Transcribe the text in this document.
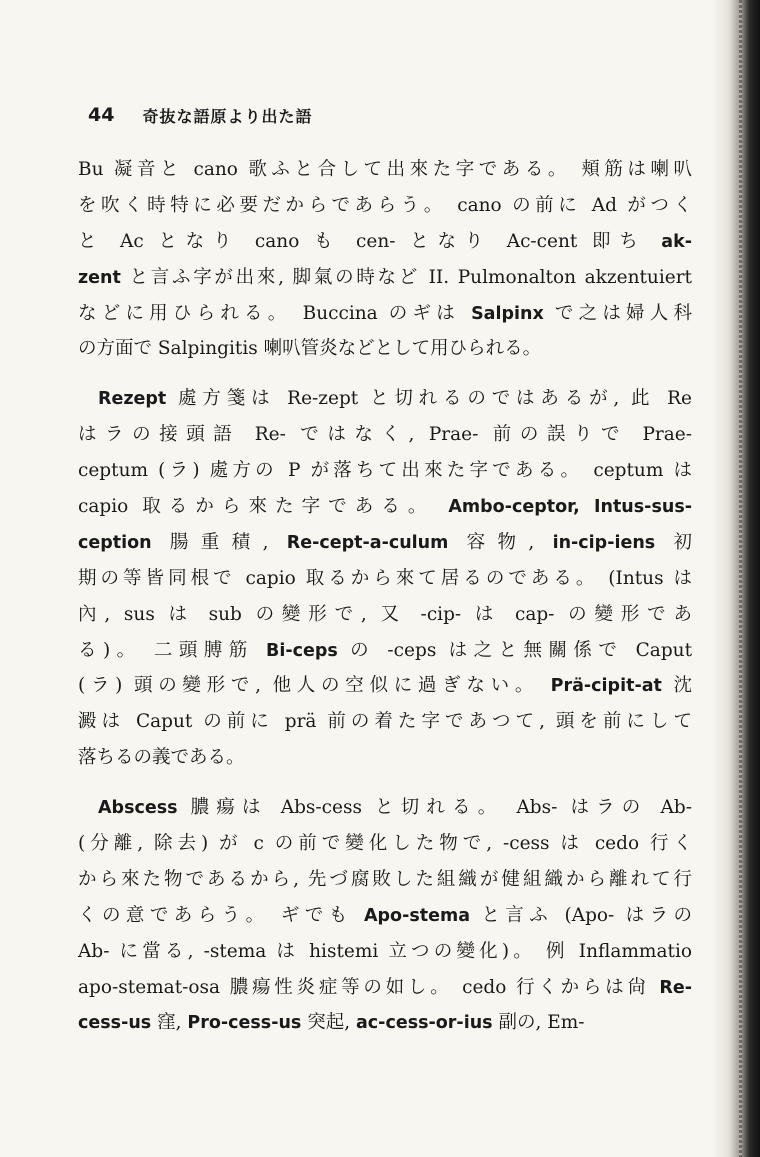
44 奇抜な語原より出た語
Bu 凝音と cano 歌ふと合して出來た字である。 頬筋は喇叭
を吹く時特に必要だからであらう。 cano の前に Ad がつく
と Ac となり cano も cen- となり Ac-cent 即ち ak-
zent と言ふ字が出來, 脚氣の時など II. Pulmonalton akzentuiert
などに用ひられる。 Buccina のギは Salpinx で之は婦人科
の方面で Salpingitis 喇叭管炎などとして用ひられる。
Rezept 處方箋は Re-zept と切れるのではあるが, 此 Re
はラの接頭語 Re- ではなく, Prae- 前の誤りで Prae-
ceptum (ラ) 處方の P が落ちて出來た字である。 ceptum は
capio 取るから來た字である。 Ambo-ceptor, Intus-sus-
ception 腸重積, Re-cept-a-culum 容物, in-cip-iens 初
期の等皆同根で capio 取るから來て居るのである。 (Intus は
內, sus は sub の變形で, 又 -cip- は cap- の變形であ
る)。 二頭膊筋 Bi-ceps の -ceps は之と無關係で Caput
(ラ) 頭の變形で, 他人の空似に過ぎない。 Prä-cipit-at 沈
澱は Caput の前に prä 前の着た字であつて, 頭を前にして
落ちるの義である。
Abscess 膿瘍は Abs-cess と切れる。 Abs- はラの Ab-
(分離, 除去) が c の前で變化した物で, -cess は cedo 行く
から來た物であるから, 先づ腐敗した組織が健組織から離れて行
くの意であらう。 ギでも Apo-stema と言ふ (Apo- はラの
Ab- に當る, -stema は histemi 立つの變化)。 例 Inflammatio
apo-stemat-osa 膿瘍性炎症等の如し。 cedo 行くからは尙 Re-
cess-us 窪, Pro-cess-us 突起, ac-cess-or-ius 副の, Em-
